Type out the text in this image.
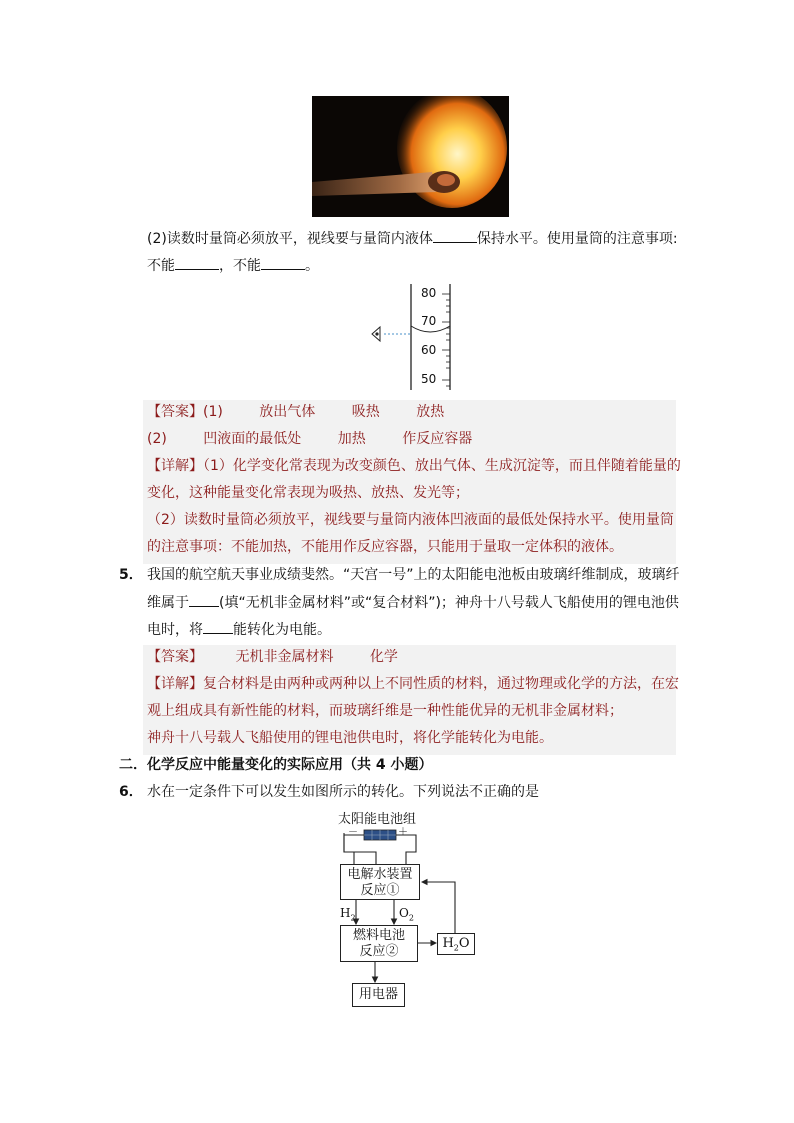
(2)读数时量筒必须放平，视线要与量筒内液体	保持水平。使用量筒的注意事项:
不能	，不能	。
80
70
60
50
【答案】(1)	放出气体	吸热	放热
(2)	凹液面的最低处	加热	作反应容器
【详解】（1）化学变化常表现为改变颜色、放出气体、生成沉淀等，而且伴随着能量的
变化，这种能量变化常表现为吸热、放热、发光等；
（2）读数时量筒必须放平，视线要与量筒内液体凹液面的最低处保持水平。使用量筒
的注意事项：不能加热，不能用作反应容器，只能用于量取一定体积的液体。
5． 我国的航空航天事业成绩斐然。“天宫一号”上的太阳能电池板由玻璃纤维制成，玻璃纤
维属于 (填“无机非金属材料”或“复合材料”)；神舟十八号载人飞船使用的锂电池供
电时，将 能转化为电能。
【答案】 无机非金属材料	化学
【详解】复合材料是由两种或两种以上不同性质的材料，通过物理或化学的方法，在宏
观上组成具有新性能的材料，而玻璃纤维是一种性能优异的无机非金属材料；
神舟十八号载人飞船使用的锂电池供电时，将化学能转化为电能。
二．化学反应中能量变化的实际应用（共 4 小题）
6． 水在一定条件下可以发生如图所示的转化。下列说法不正确的是
太阳能电池组
－	＋
电解水装置
反应①
$H_2$	$O_2$
燃料电池
反应②
$H_2O$
用电器
